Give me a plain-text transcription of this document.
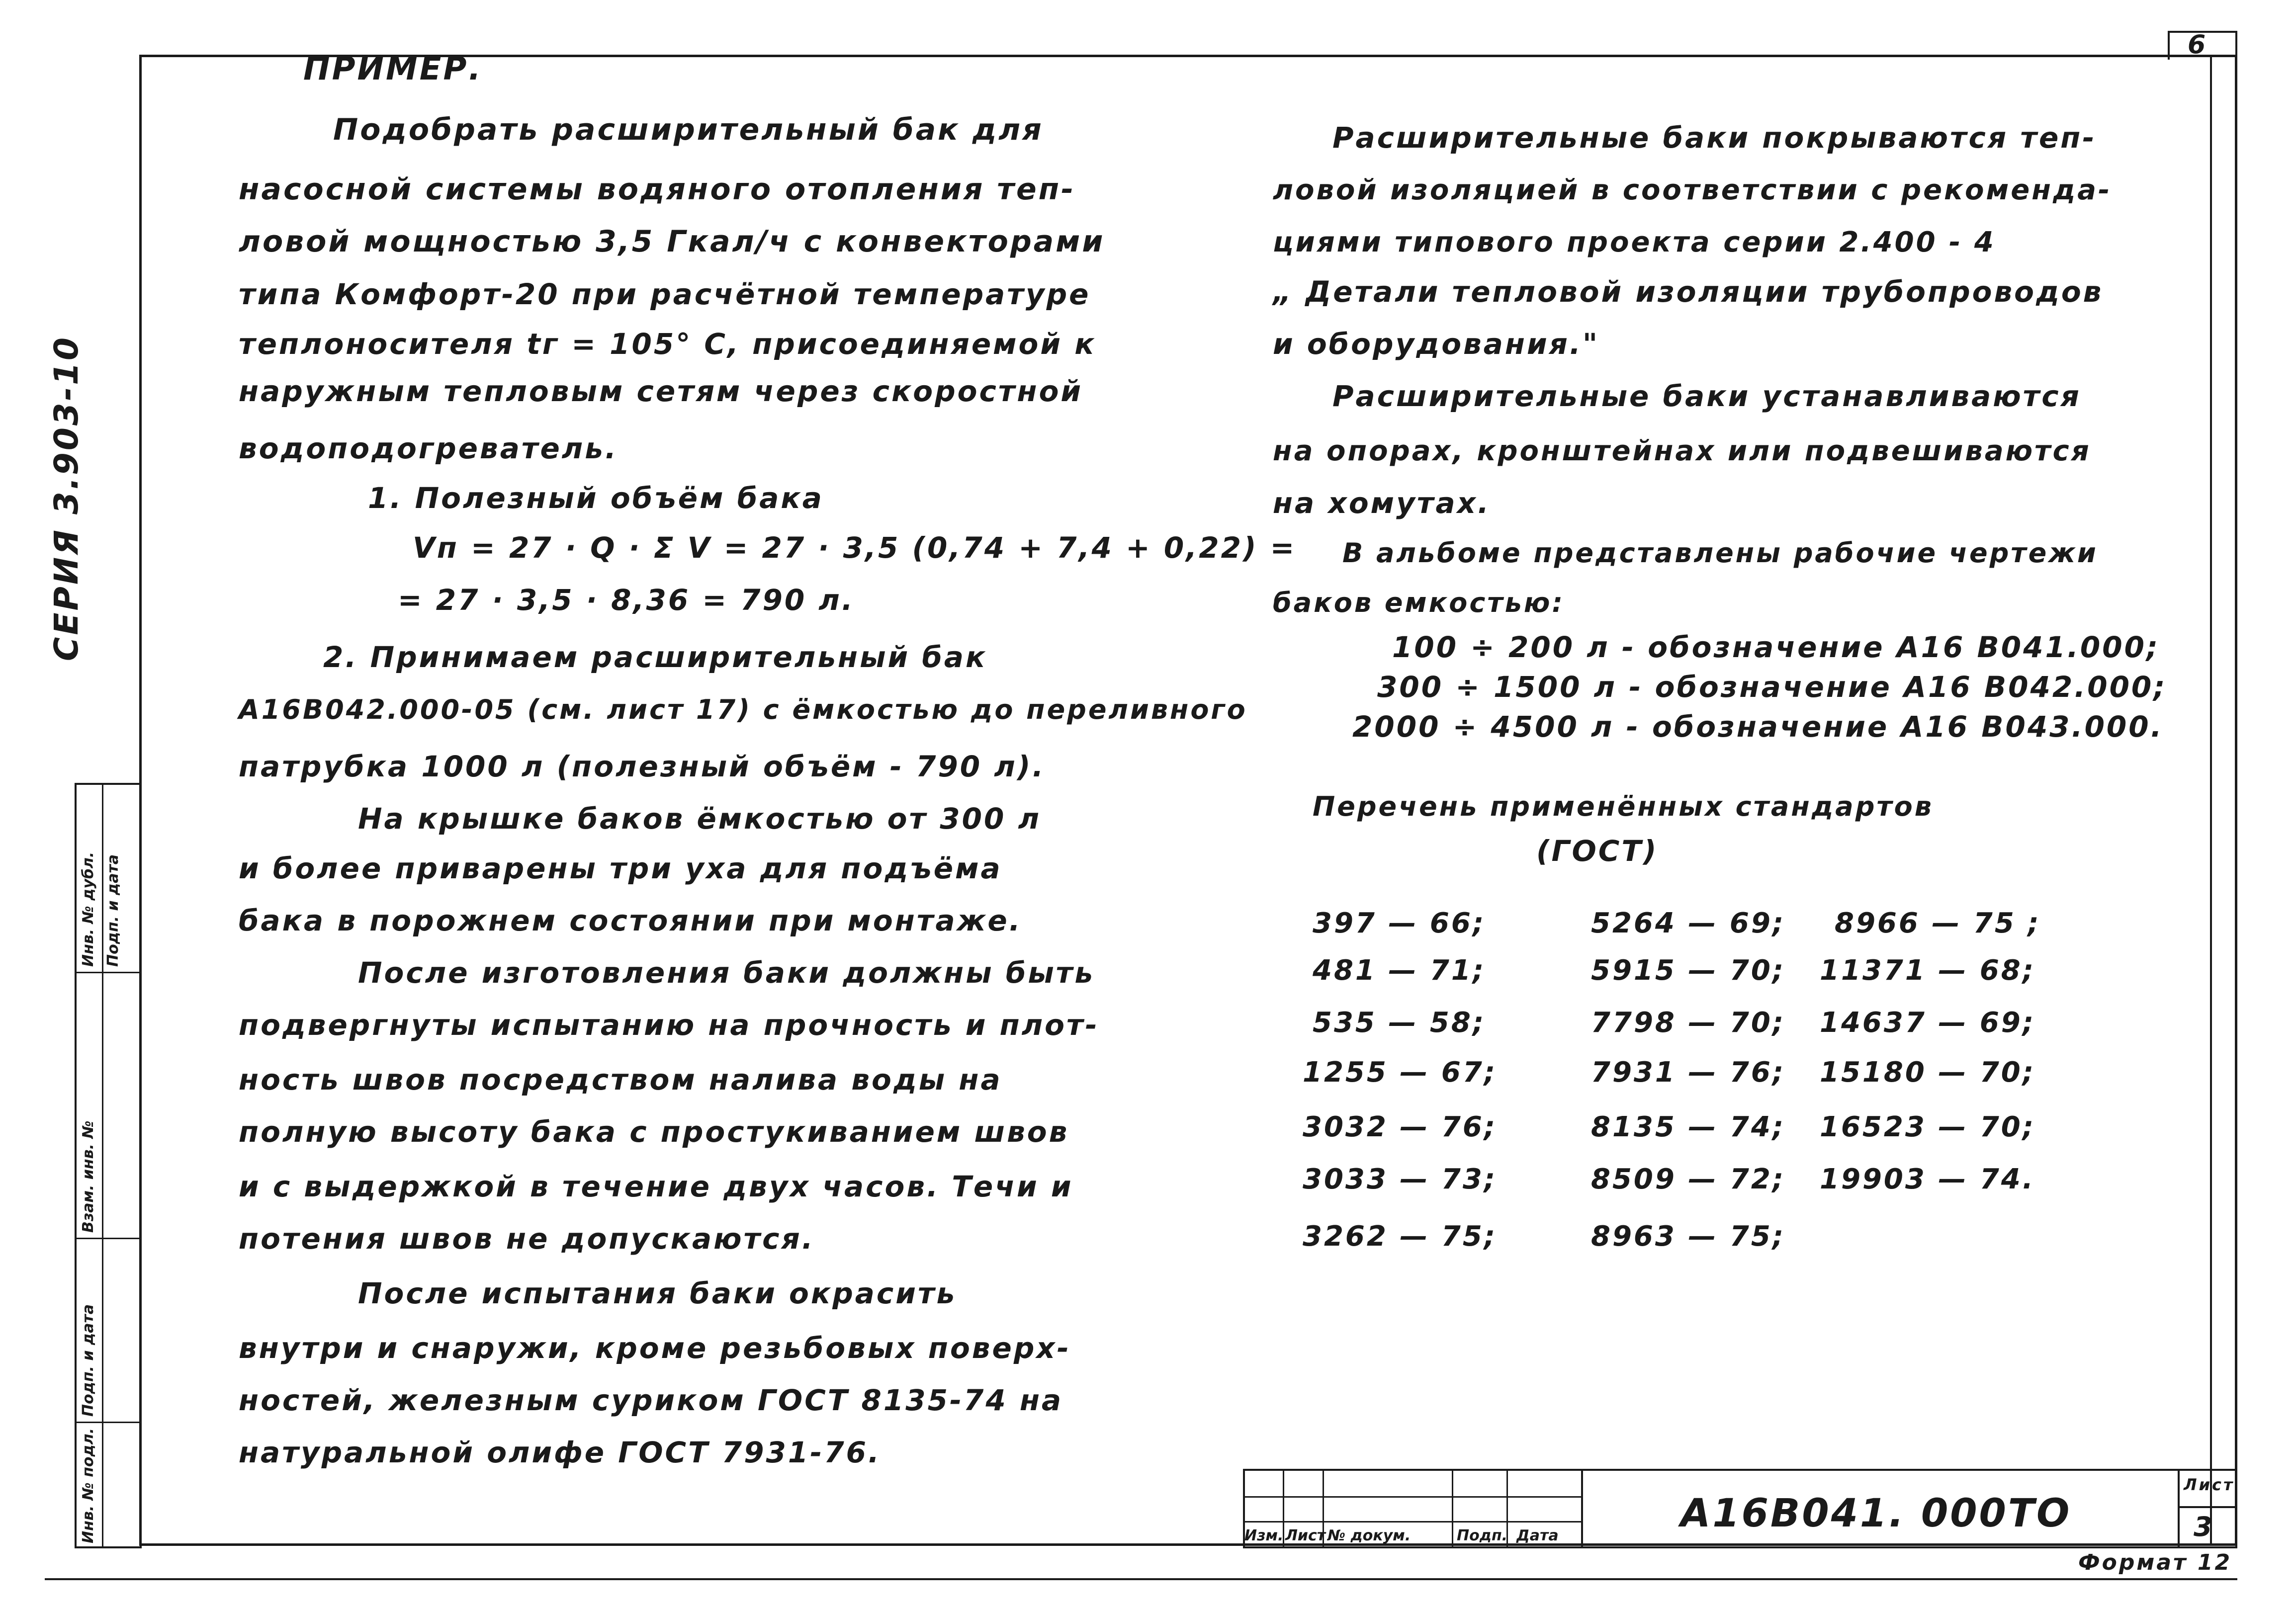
6
СЕРИЯ 3.903-10
Инв. № подл.
Подп. и дата
Взам. инв. №
Инв. № дубл. Подп. и дата
ПРИМЕР.
Подобрать расширительный бак для
насосной системы водяного отопления теп-
ловой мощностью 3,5 Гкал/ч с конвекторами
типа Комфорт-20 при расчётной температуре
теплоносителя tг = 105° С, присоединяемой к
наружным тепловым сетям через скоростной
водоподогреватель.
1. Полезный объём бака
Vп = 27 · Q · Σ V = 27 · 3,5 (0,74 + 7,4 + 0,22) =
= 27 · 3,5 · 8,36 = 790 л.
2. Принимаем расширительный бак
А16В042.000-05 (см. лист 17) с ёмкостью до переливного
патрубка 1000 л (полезный объём - 790 л).
На крышке баков ёмкостью от 300 л
и более приварены три уха для подъёма
бака в порожнем состоянии при монтаже.
После изготовления баки должны быть
подвергнуты испытанию на прочность и плот-
ность швов посредством налива воды на
полную высоту бака с простукиванием швов
и с выдержкой в течение двух часов. Течи и
потения швов не допускаются.
После испытания баки окрасить
внутри и снаружи, кроме резьбовых поверх-
ностей, железным суриком ГОСТ 8135-74 на
натуральной олифе ГОСТ 7931-76.
Расширительные баки покрываются теп-
ловой изоляцией в соответствии с рекоменда-
циями типового проекта серии 2.400 - 4
„ Детали тепловой изоляции трубопроводов
и оборудования."
Расширительные баки устанавливаются
на опорах, кронштейнах или подвешиваются
на хомутах.
В альбоме представлены рабочие чертежи
баков емкостью:
100 ÷ 200 л - обозначение А16 В041.000;
300 ÷ 1500 л - обозначение А16 В042.000;
2000 ÷ 4500 л - обозначение А16 В043.000.
Перечень применённых стандартов
(ГОСТ)
397 — 66;
481 — 71;
535 — 58;
1255 — 67;
3032 — 76;
3033 — 73;
3262 — 75;
5264 — 69;
5915 — 70;
7798 — 70;
7931 — 76;
8135 — 74;
8509 — 72;
8963 — 75;
8966 — 75 ;
11371 — 68;
14637 — 69;
15180 — 70;
16523 — 70;
19903 — 74.
Изм. Лист № докум.	Подп. Дата	А16В041. 000ТО
Лист
3
Формат 12
